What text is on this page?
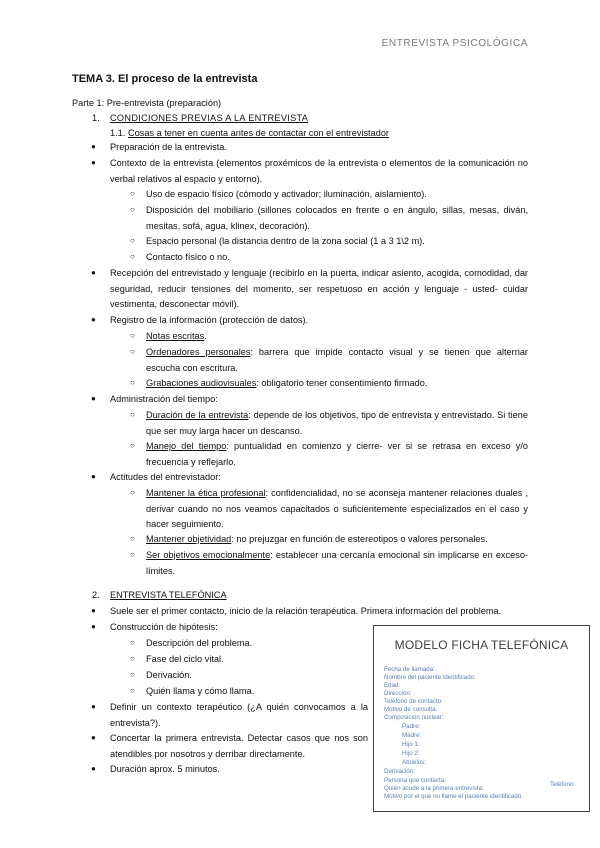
ENTREVISTA PSICOLÓGICA
TEMA 3. El proceso de la entrevista
Parte 1: Pre-entrevista (preparación)
1. CONDICIONES PREVIAS A LA ENTREVISTA
1.1. Cosas a tener en cuenta antes de contactar con el entrevistador
● Preparación de la entrevista.
● Contexto de la entrevista (elementos proxémicos de la entrevista o elementos de la comunicación no verbal relativos al espacio y entorno).
○ Uso de espacio físico (cómodo y activador; iluminación, aislamiento).
○ Disposición del mobiliario (sillones colocados en frente o en ángulo, sillas, mesas, diván, mesitas, sofá, agua, klinex, decoración).
○ Espacio personal (la distancia dentro de la zona social (1 a 3 1\2 m).
○ Contacto físico o no.
● Recepción del entrevistado y lenguaje (recibirlo en la puerta, indicar asiento, acogida, comodidad, dar seguridad, reducir tensiones del momento, ser respetuoso en acción y lenguaje - usted- cuidar vestimenta, desconectar móvil).
● Registro de la información (protección de datos).
○ Notas escritas.
○ Ordenadores personales: barrera que impide contacto visual y se tienen que alternar escucha con escritura.
○ Grabaciones audiovisuales: obligatorio tener consentimiento firmado.
● Administración del tiempo:
○ Duración de la entrevista: depende de los objetivos, tipo de entrevista y entrevistado. Si tiene que ser muy larga hacer un descanso.
○ Manejo del tiempo: puntualidad en comienzo y cierre- ver si se retrasa en exceso y/o frecuencia y reflejarlo.
● Actitudes del entrevistador:
○ Mantener la ética profesional: confidencialidad, no se aconseja mantener relaciones duales , derivar cuando no nos veamos capacitados o suficientemente especializados en el caso y hacer seguimiento.
○ Mantener objetividad: no prejuzgar en función de estereotipos o valores personales.
○ Ser objetivos emocionalmente: establecer una cercanía emocional sin implicarse en exceso- límites.
2. ENTREVISTA TELEFÓNICA
● Suele ser el primer contacto, inicio de la relación terapéutica. Primera información del problema.
● Construcción de hipótesis:
○ Descripción del problema.
○ Fase del ciclo vital.
○ Derivación.
○ Quién llama y cómo llama.
● Definir un contexto terapéutico (¿A quién convocamos a la entrevista?).
● Concertar la primera entrevista. Detectar casos que nos son atendibles por nosotros y derribar directamente.
● Duración aprox. 5 minutos.
MODELO FICHA TELEFÓNICA
Fecha de llamada:
Nombre del paciente identificado:
Edad:
Dirección:
Teléfono de contacto:
Motivo de consulta:
Composición nuclear:
Padre:
Madre:
Hijo 1:
Hijo 2:
Abuelos:
Derivación:
Persona que contacta:
Quién acude a la primera entrevista:
Motivo por el que no llame el paciente identificado:
Teléfono:
